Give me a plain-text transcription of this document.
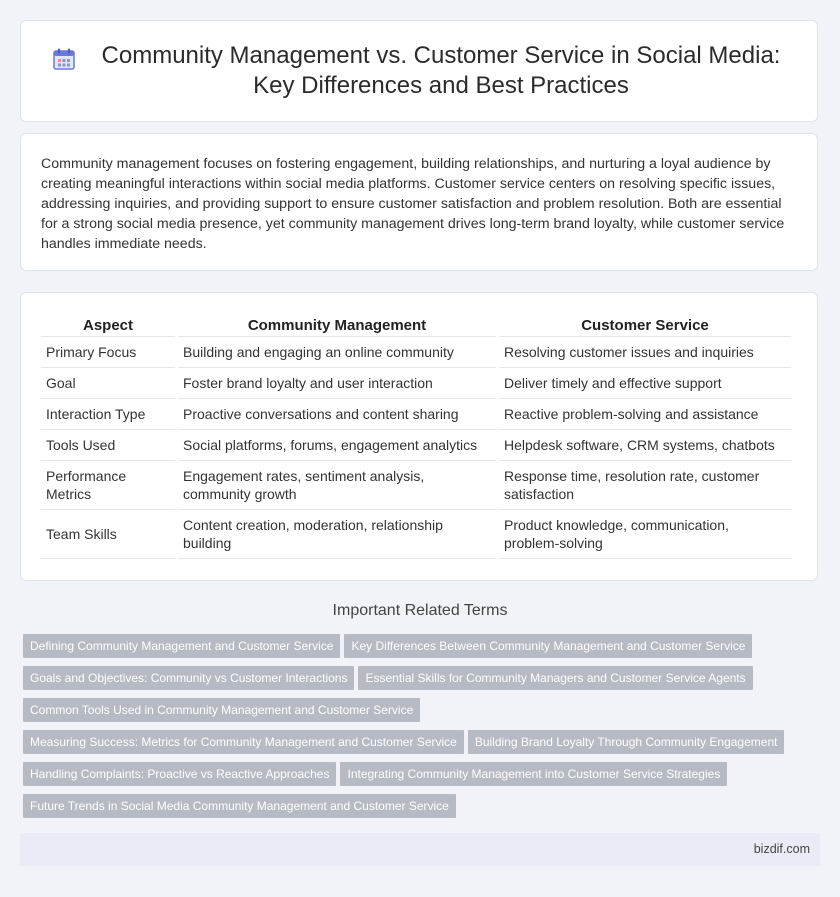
Community Management vs. Customer Service in Social Media: Key Differences and Best Practices

Community management focuses on fostering engagement, building relationships, and nurturing a loyal audience by creating meaningful interactions within social media platforms. Customer service centers on resolving specific issues, addressing inquiries, and providing support to ensure customer satisfaction and problem resolution. Both are essential for a strong social media presence, yet community management drives long-term brand loyalty, while customer service handles immediate needs.

Aspect	Community Management	Customer Service
Primary Focus	Building and engaging an online community	Resolving customer issues and inquiries
Goal	Foster brand loyalty and user interaction	Deliver timely and effective support
Interaction Type	Proactive conversations and content sharing	Reactive problem-solving and assistance
Tools Used	Social platforms, forums, engagement analytics	Helpdesk software, CRM systems, chatbots
Performance Metrics	Engagement rates, sentiment analysis, community growth	Response time, resolution rate, customer satisfaction
Team Skills	Content creation, moderation, relationship building	Product knowledge, communication, problem-solving
Important Related Terms
Defining Community Management and Customer Service Key Differences Between Community Management and Customer Service
Goals and Objectives: Community vs Customer Interactions Essential Skills for Community Managers and Customer Service Agents
Common Tools Used in Community Management and Customer Service
Measuring Success: Metrics for Community Management and Customer Service Building Brand Loyalty Through Community Engagement
Handling Complaints: Proactive vs Reactive Approaches Integrating Community Management into Customer Service Strategies
Future Trends in Social Media Community Management and Customer Service
bizdif.com
